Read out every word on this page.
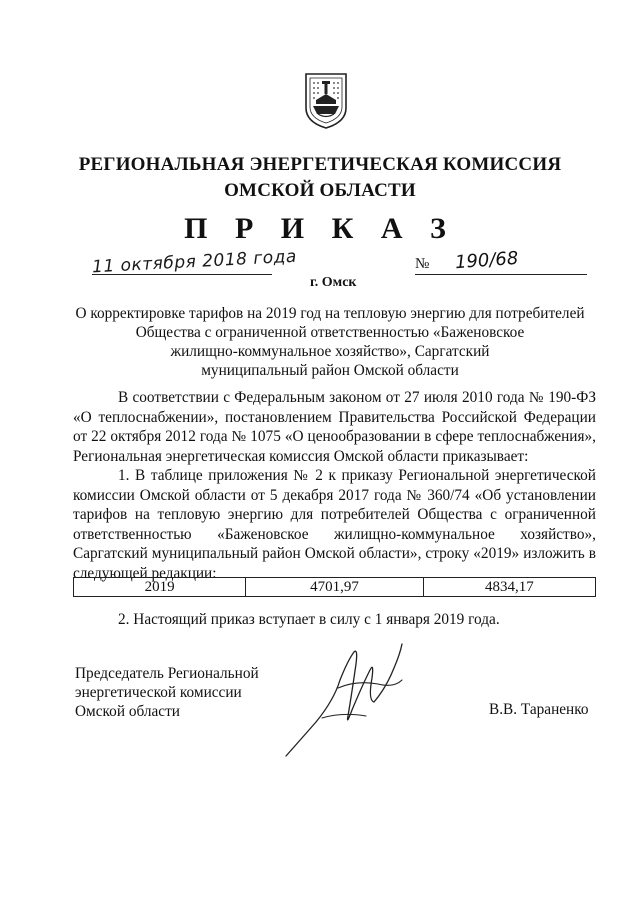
РЕГИОНАЛЬНАЯ ЭНЕРГЕТИЧЕСКАЯ КОМИССИЯ
ОМСКОЙ ОБЛАСТИ
П Р И К А З
11 октября 2018 года
г. Омск
№ 190/68
О корректировке тарифов на 2019 год на тепловую энергию для потребителей
Общества с ограниченной ответственностью «Баженовское
жилищно-коммунальное хозяйство», Саргатский
муниципальный район Омской области
В соответствии с Федеральным законом от 27 июля 2010 года № 190-ФЗ «О теплоснабжении», постановлением Правительства Российской Федерации от 22 октября 2012 года № 1075 «О ценообразовании в сфере теплоснабжения», Региональная энергетическая комиссия Омской области приказывает:
1. В таблице приложения № 2 к приказу Региональной энергетической комиссии Омской области от 5 декабря 2017 года № 360/74 «Об установлении тарифов на тепловую энергию для потребителей Общества с ограниченной ответственностью «Баженовское жилищно-коммунальное хозяйство», Саргатский муниципальный район Омской области», строку «2019» изложить в следующей редакции:
2019	4701,97	4834,17
2. Настоящий приказ вступает в силу с 1 января 2019 года.
Председатель Региональной
энергетической комиссии
Омской области	В.В. Тараненко
